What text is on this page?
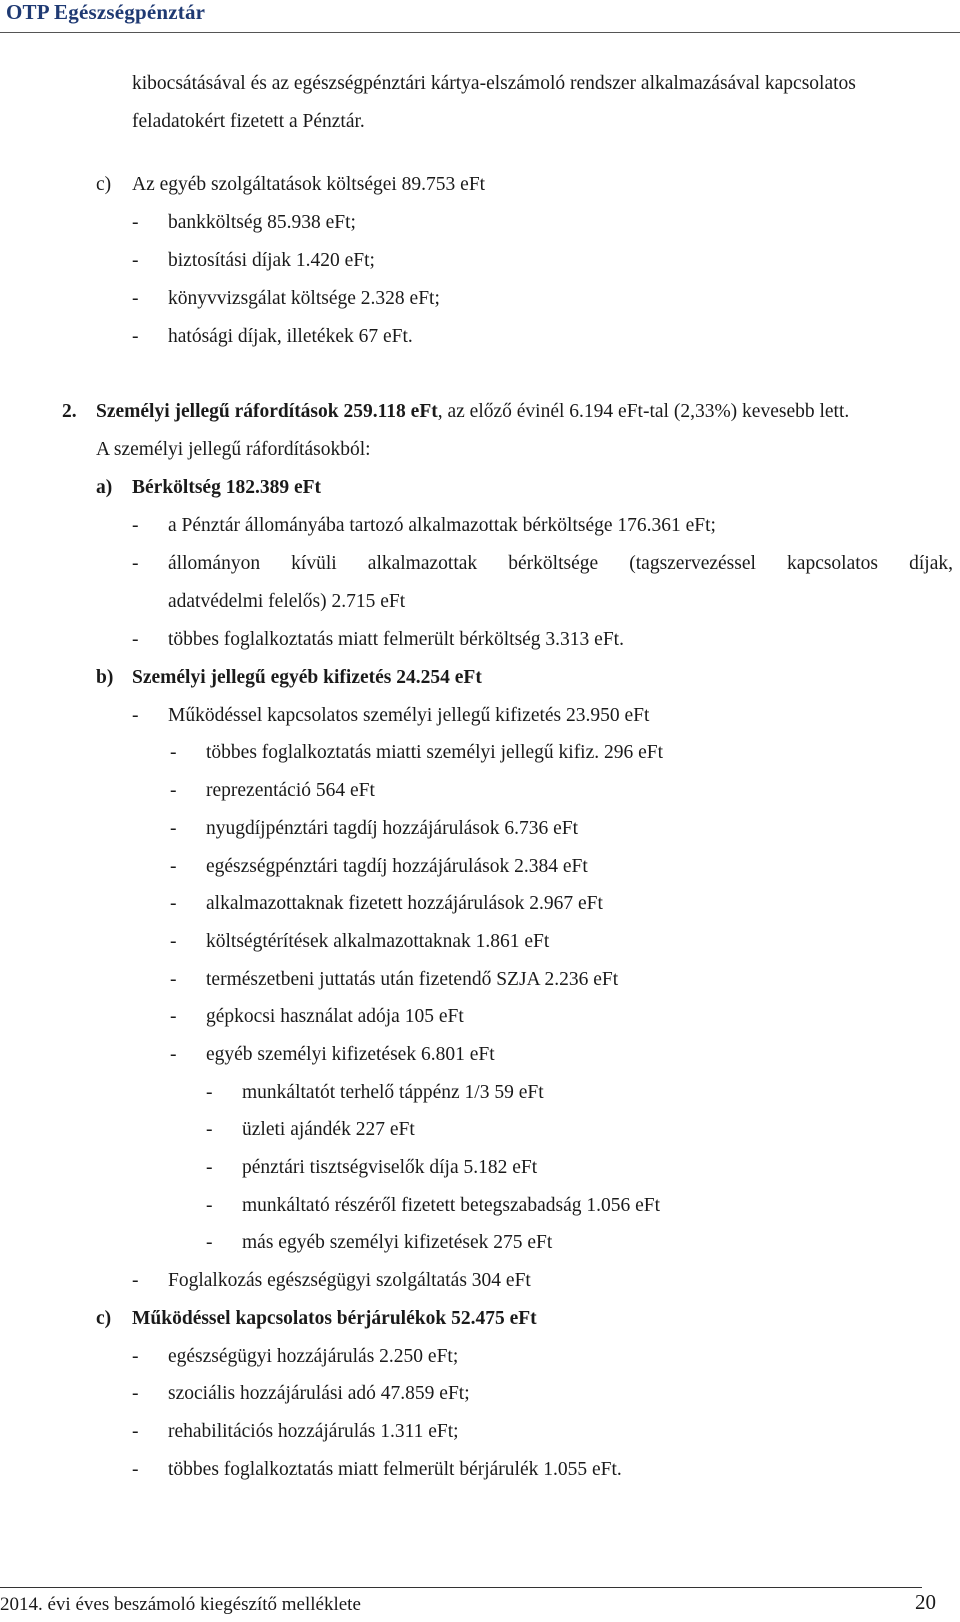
OTP Egészségpénztár
kibocsátásával és az egészségpénztári kártya-elszámoló rendszer alkalmazásával kapcsolatos
feladatokért fizetett a Pénztár.
c) Az egyéb szolgáltatások költségei 89.753 eFt
- bankköltség 85.938 eFt;
- biztosítási díjak 1.420 eFt;
- könyvvizsgálat költsége 2.328 eFt;
- hatósági díjak, illetékek 67 eFt.
2. Személyi jellegű ráfordítások 259.118 eFt, az előző évinél 6.194 eFt-tal (2,33%) kevesebb lett.
A személyi jellegű ráfordításokból:
a) Bérköltség 182.389 eFt
- a Pénztár állományába tartozó alkalmazottak bérköltsége 176.361 eFt;
- állományon kívüli alkalmazottak bérköltsége (tagszervezéssel kapcsolatos díjak,
adatvédelmi felelős) 2.715 eFt
- többes foglalkoztatás miatt felmerült bérköltség 3.313 eFt.
b) Személyi jellegű egyéb kifizetés 24.254 eFt
- Működéssel kapcsolatos személyi jellegű kifizetés 23.950 eFt
- többes foglalkoztatás miatti személyi jellegű kifiz. 296 eFt
- reprezentáció 564 eFt
- nyugdíjpénztári tagdíj hozzájárulások 6.736 eFt
- egészségpénztári tagdíj hozzájárulások 2.384 eFt
- alkalmazottaknak fizetett hozzájárulások 2.967 eFt
- költségtérítések alkalmazottaknak 1.861 eFt
- természetbeni juttatás után fizetendő SZJA 2.236 eFt
- gépkocsi használat adója 105 eFt
- egyéb személyi kifizetések 6.801 eFt
- munkáltatót terhelő táppénz 1/3 59 eFt
- üzleti ajándék 227 eFt
- pénztári tisztségviselők díja 5.182 eFt
- munkáltató részéről fizetett betegszabadság 1.056 eFt
- más egyéb személyi kifizetések 275 eFt
- Foglalkozás egészségügyi szolgáltatás 304 eFt
c) Működéssel kapcsolatos bérjárulékok 52.475 eFt
- egészségügyi hozzájárulás 2.250 eFt;
- szociális hozzájárulási adó 47.859 eFt;
- rehabilitációs hozzájárulás 1.311 eFt;
- többes foglalkoztatás miatt felmerült bérjárulék 1.055 eFt.
2014. évi éves beszámoló kiegészítő melléklete	20
